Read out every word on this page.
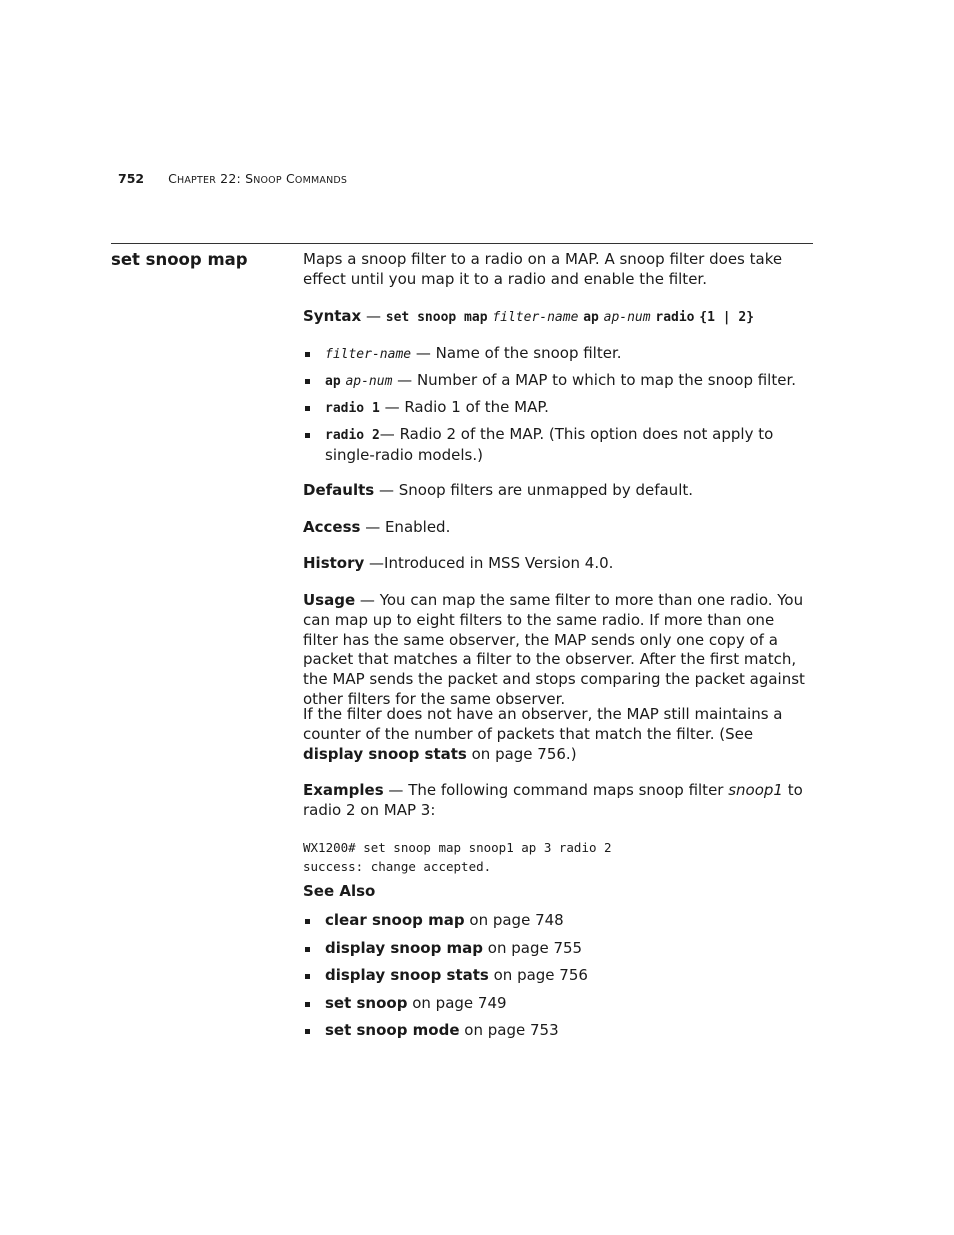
752 CHAPTER 22: SNOOP COMMANDS
set snoop map	Maps a snoop filter to a radio on a MAP. A snoop filter does take effect until you map it to a radio and enable the filter.

Syntax — set snoop map filter-name ap ap-num radio {1 | 2}

filter-name — Name of the snoop filter.
ap ap-num — Number of a MAP to which to map the snoop filter.
radio 1 — Radio 1 of the MAP.
radio 2— Radio 2 of the MAP. (This option does not apply to single-radio models.)

Defaults — Snoop filters are unmapped by default.

Access — Enabled.

History —Introduced in MSS Version 4.0.

Usage — You can map the same filter to more than one radio. You can map up to eight filters to the same radio. If more than one filter has the same observer, the MAP sends only one copy of a packet that matches a filter to the observer. After the first match, the MAP sends the packet and stops comparing the packet against other filters for the same observer.

If the filter does not have an observer, the MAP still maintains a counter of the number of packets that match the filter. (See display snoop stats on page 756.)

Examples — The following command maps snoop filter snoop1 to radio 2 on MAP 3:

WX1200# set snoop map snoop1 ap 3 radio 2
success: change accepted.

See Also

clear snoop map on page 748
display snoop map on page 755
display snoop stats on page 756
set snoop on page 749
set snoop mode on page 753
